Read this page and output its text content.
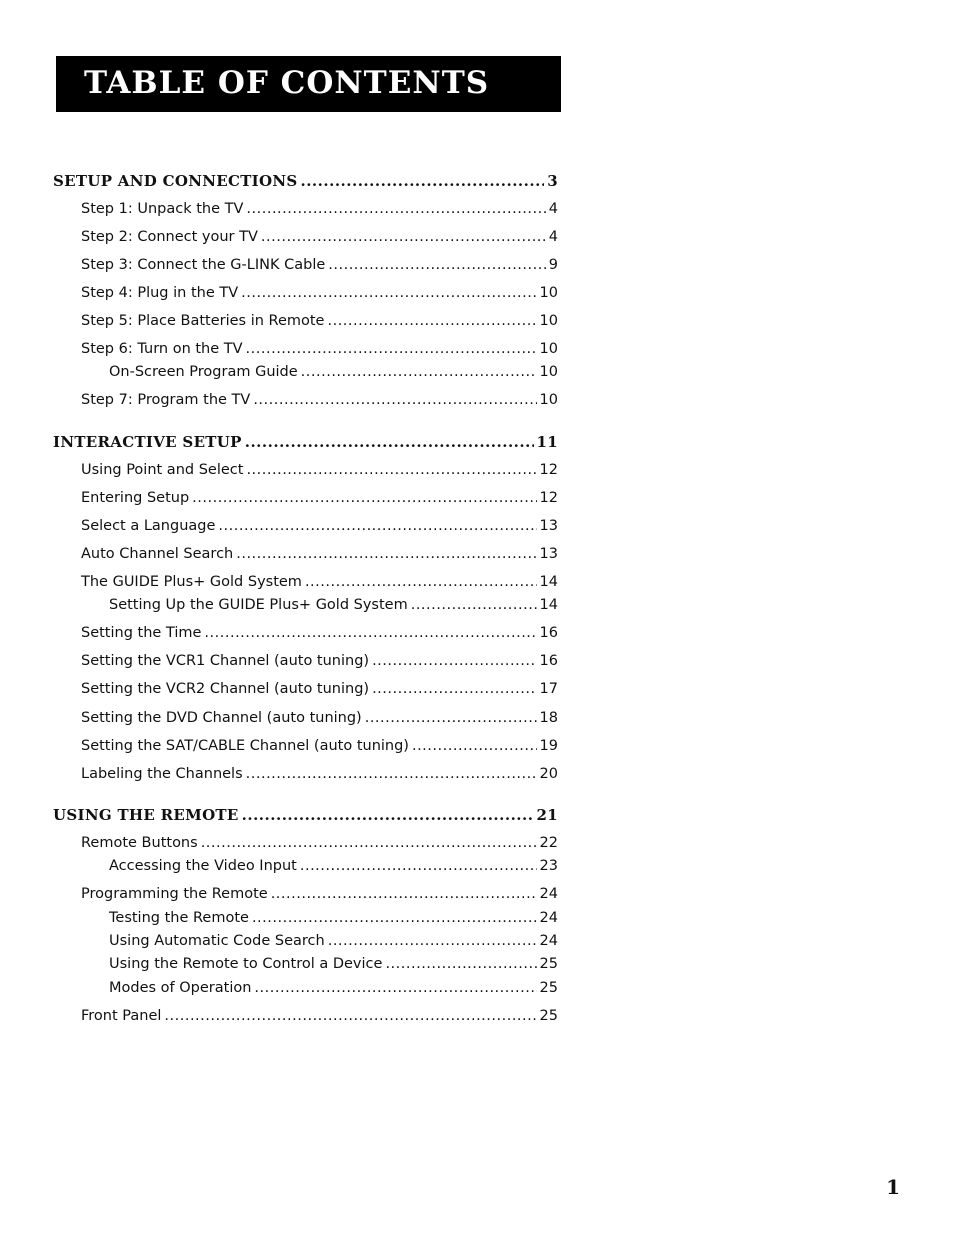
TABLE OF CONTENTS
SETUP AND CONNECTIONS .....	3
Step 1: Unpack the TV .....	4
Step 2: Connect your TV .....	4
Step 3: Connect the G-LINK Cable .....	9
Step 4: Plug in the TV .....	10
Step 5: Place Batteries in Remote .....	10
Step 6: Turn on the TV .....	10
On-Screen Program Guide .....	10
Step 7: Program the TV .....	10
INTERACTIVE SETUP .....	11
Using Point and Select .....	12
Entering Setup .....	12
Select a Language .....	13
Auto Channel Search .....	13
The GUIDE Plus+ Gold System .....	14
Setting Up the GUIDE Plus+ Gold System .....	14
Setting the Time .....	16
Setting the VCR1 Channel (auto tuning) .....	16
Setting the VCR2 Channel (auto tuning) .....	17
Setting the DVD Channel (auto tuning) .....	18
Setting the SAT/CABLE Channel (auto tuning) .....	19
Labeling the Channels .....	20
USING THE REMOTE .....	21
Remote Buttons .....	22
Accessing the Video Input .....	23
Programming the Remote .....	24
Testing the Remote .....	24
Using Automatic Code Search .....	24
Using the Remote to Control a Device .....	25
Modes of Operation .....	25
Front Panel .....	25
1
